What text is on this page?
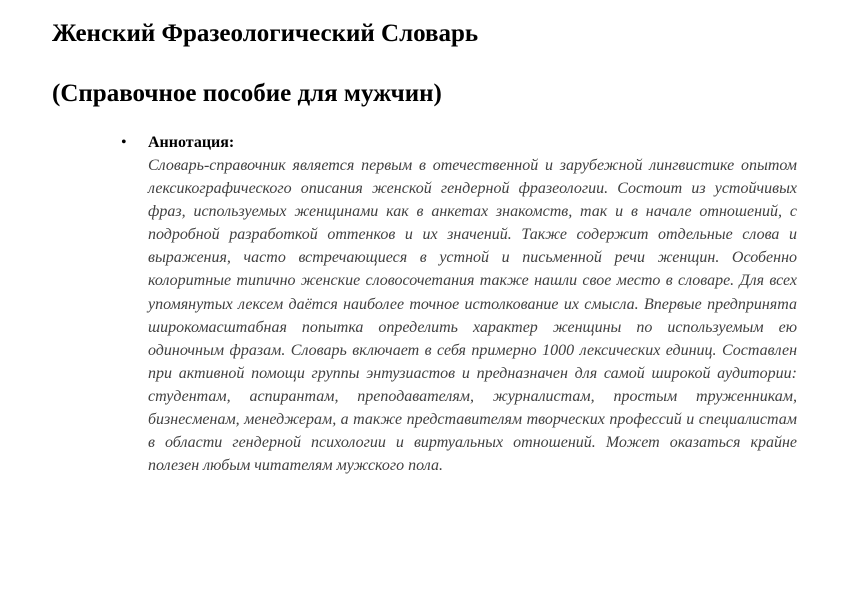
Женский Фразеологический Словарь
(Справочное пособие для мужчин)
• Аннотация:

Словарь-справочник является первым в отечественной и зарубежной лингвистике опытом лексикографического описания женской гендерной фразеологии. Состоит из устойчивых фраз, используемых женщинами как в анкетах знакомств, так и в начале отношений, с подробной разработкой оттенков и их значений. Также содержит отдельные слова и выражения, часто встречающиеся в устной и письменной речи женщин. Особенно колоритные типично женские словосочетания также нашли свое место в словаре. Для всех упомянутых лексем даётся наиболее точное истолкование их смысла. Впервые предпринята широкомасштабная попытка определить характер женщины по используемым ею одиночным фразам. Словарь включает в себя примерно 1000 лексических единиц. Составлен при активной помощи группы энтузиастов и предназначен для самой широкой аудитории: студентам, аспирантам, преподавателям, журналистам, простым труженникам, бизнесменам, менеджерам, а также представителям творческих профессий и специалистам в области гендерной психологии и виртуальных отношений. Может оказаться крайне полезен любым читателям мужского пола.
